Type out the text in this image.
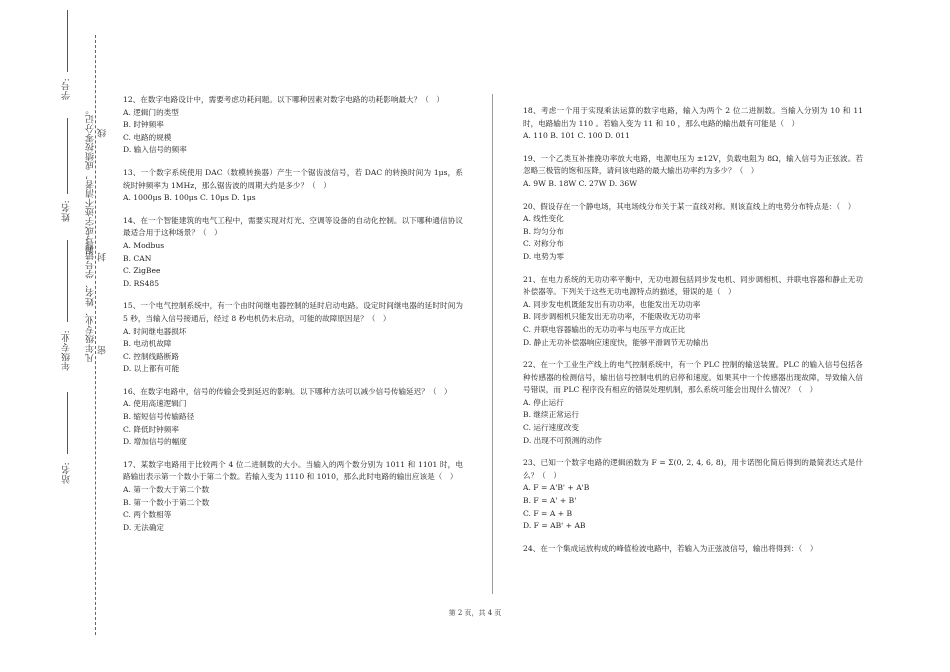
学号:
漏写或字迹不清者，成绩按零分记。 线
姓名:
凡年级专业、姓名、学号错写、 封
年级专业:	密
站名:
12、在数字电路设计中，需要考虑功耗问题。以下哪种因素对数字电路的功耗影响最大？（　）
A. 逻辑门的类型
B. 时钟频率
C. 电路的规模
D. 输入信号的频率
13、一个数字系统使用 DAC（数模转换器）产生一个锯齿波信号，若 DAC 的转换时间为 1μs，系统时钟频率为 1MHz，那么锯齿波的周期大约是多少？（　）
A. 1000μs B. 100μs C. 10μs D. 1μs
14、在一个智能建筑的电气工程中，需要实现对灯光、空调等设备的自动化控制。以下哪种通信协议最适合用于这种场景？（　）
A. Modbus
B. CAN
C. ZigBee
D. RS485
15、一个电气控制系统中，有一个由时间继电器控制的延时启动电路。设定时间继电器的延时时间为 5 秒，当输入信号接通后，经过 8 秒电机仍未启动，可能的故障原因是？（　）
A. 时间继电器损坏
B. 电动机故障
C. 控制线路断路
D. 以上都有可能
16、在数字电路中，信号的传输会受到延迟的影响。以下哪种方法可以减少信号传输延迟？（　）
A. 使用高速逻辑门
B. 缩短信号传输路径
C. 降低时钟频率
D. 增加信号的幅度
17、某数字电路用于比较两个 4 位二进制数的大小。当输入的两个数分别为 1011 和 1101 时，电路输出表示第一个数小于第二个数。若输入变为 1110 和 1010，那么此时电路的输出应该是（　）
A. 第一个数大于第二个数
B. 第一个数小于第二个数
C. 两个数相等
D. 无法确定
18、考虑一个用于实现乘法运算的数字电路，输入为两个 2 位二进制数。当输入分别为 10 和 11 时，电路输出为 110 。若输入变为 11 和 10 ，那么电路的输出最有可能是（　）
A. 110 B. 101 C. 100 D. 011
19、一个乙类互补推挽功率放大电路，电源电压为 ±12V，负载电阻为 8Ω，输入信号为正弦波。若忽略三极管的饱和压降，请问该电路的最大输出功率约为多少？（　）
A. 9W B. 18W C. 27W D. 36W
20、假设存在一个静电场，其电场线分布关于某一直线对称。则该直线上的电势分布特点是：（　）
A. 线性变化
B. 均匀分布
C. 对称分布
D. 电势为零
21、在电力系统的无功功率平衡中，无功电源包括同步发电机、同步调相机、并联电容器和静止无功补偿器等。下列关于这些无功电源特点的描述，错误的是（　）
A. 同步发电机既能发出有功功率，也能发出无功功率
B. 同步调相机只能发出无功功率，不能吸收无功功率
C. 并联电容器输出的无功功率与电压平方成正比
D. 静止无功补偿器响应速度快，能够平滑调节无功输出
22、在一个工业生产线上的电气控制系统中，有一个 PLC 控制的输送装置。PLC 的输入信号包括各种传感器的检测信号，输出信号控制电机的启停和速度。如果其中一个传感器出现故障，导致输入信号错误，而 PLC 程序没有相应的错误处理机制，那么系统可能会出现什么情况？（　）
A. 停止运行
B. 继续正常运行
C. 运行速度改变
D. 出现不可预测的动作
23、已知一个数字电路的逻辑函数为 F = Σ(0, 2, 4, 6, 8)，用卡诺图化简后得到的最简表达式是什么？（　）
A. F = A'B' + A'B
B. F = A' + B'
C. F = A + B
D. F = AB' + AB
24、在一个集成运放构成的峰值检波电路中，若输入为正弦波信号，输出将得到：（　）
第 2 页，共 4 页
